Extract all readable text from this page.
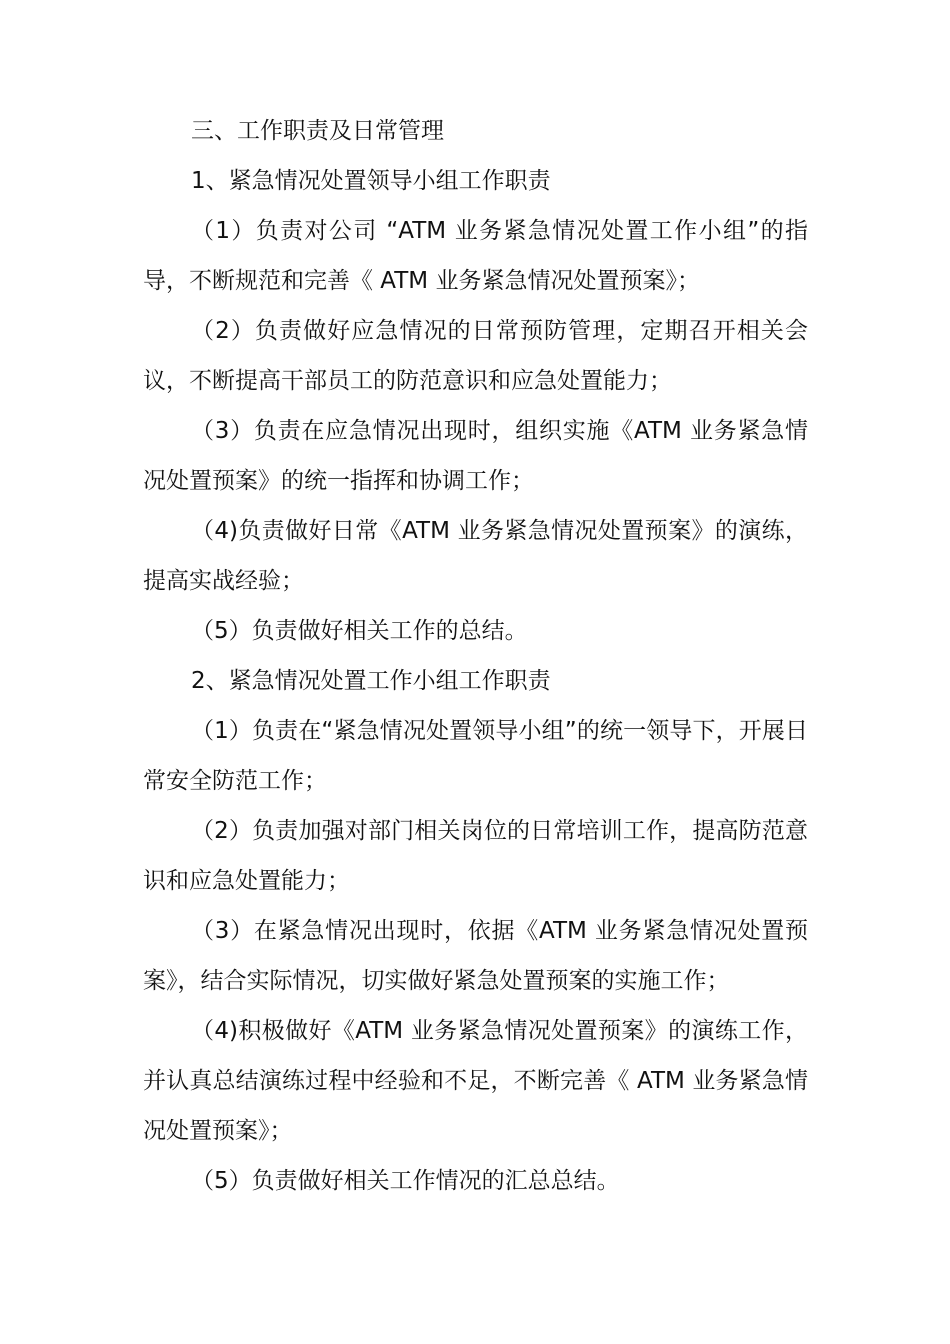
三、工作职责及日常管理

1、紧急情况处置领导小组工作职责

（1）负责对公司 “ATM 业务紧急情况处置工作小组”的指导，不断规范和完善《 ATM 业务紧急情况处置预案》；

（2）负责做好应急情况的日常预防管理，定期召开相关会议，不断提高干部员工的防范意识和应急处置能力；

（3）负责在应急情况出现时，组织实施《ATM 业务紧急情况处置预案》的统一指挥和协调工作；

（4)负责做好日常《ATM 业务紧急情况处置预案》的演练，提高实战经验；

（5）负责做好相关工作的总结。

2、紧急情况处置工作小组工作职责

（1）负责在“紧急情况处置领导小组”的统一领导下，开展日常安全防范工作；

（2）负责加强对部门相关岗位的日常培训工作，提高防范意识和应急处置能力；

（3）在紧急情况出现时，依据《ATM 业务紧急情况处置预案》，结合实际情况，切实做好紧急处置预案的实施工作；

（4)积极做好《ATM 业务紧急情况处置预案》的演练工作，并认真总结演练过程中经验和不足，不断完善《 ATM 业务紧急情况处置预案》；

（5）负责做好相关工作情况的汇总总结。
